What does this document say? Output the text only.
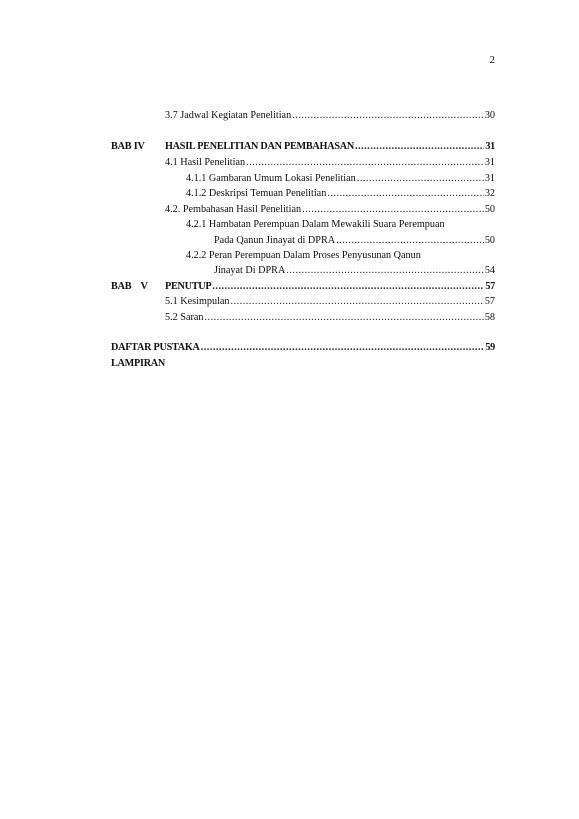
2
3.7 Jadwal Kegiatan Penelitian .....	30
BAB IV HASIL PENELITIAN DAN PEMBAHASAN .....	31
4.1 Hasil Penelitian .....	31
4.1.1 Gambaran Umum Lokasi Penelitian .....	31
4.1.2 Deskripsi Temuan Penelitian .....	32
4.2. Pembahasan Hasil Penelitian .....	50
4.2.1 Hambatan Perempuan Dalam Mewakili Suara Perempuan
Pada Qanun Jinayat di DPRA .....	50
4.2.2 Peran Perempuan Dalam Proses Penyusunan Qanun
Jinayat Di DPRA .....	54
BAB    V PENUTUP .....	57
5.1 Kesimpulan .....	57
5.2 Saran .....	58
DAFTAR PUSTAKA .....	59
LAMPIRAN
